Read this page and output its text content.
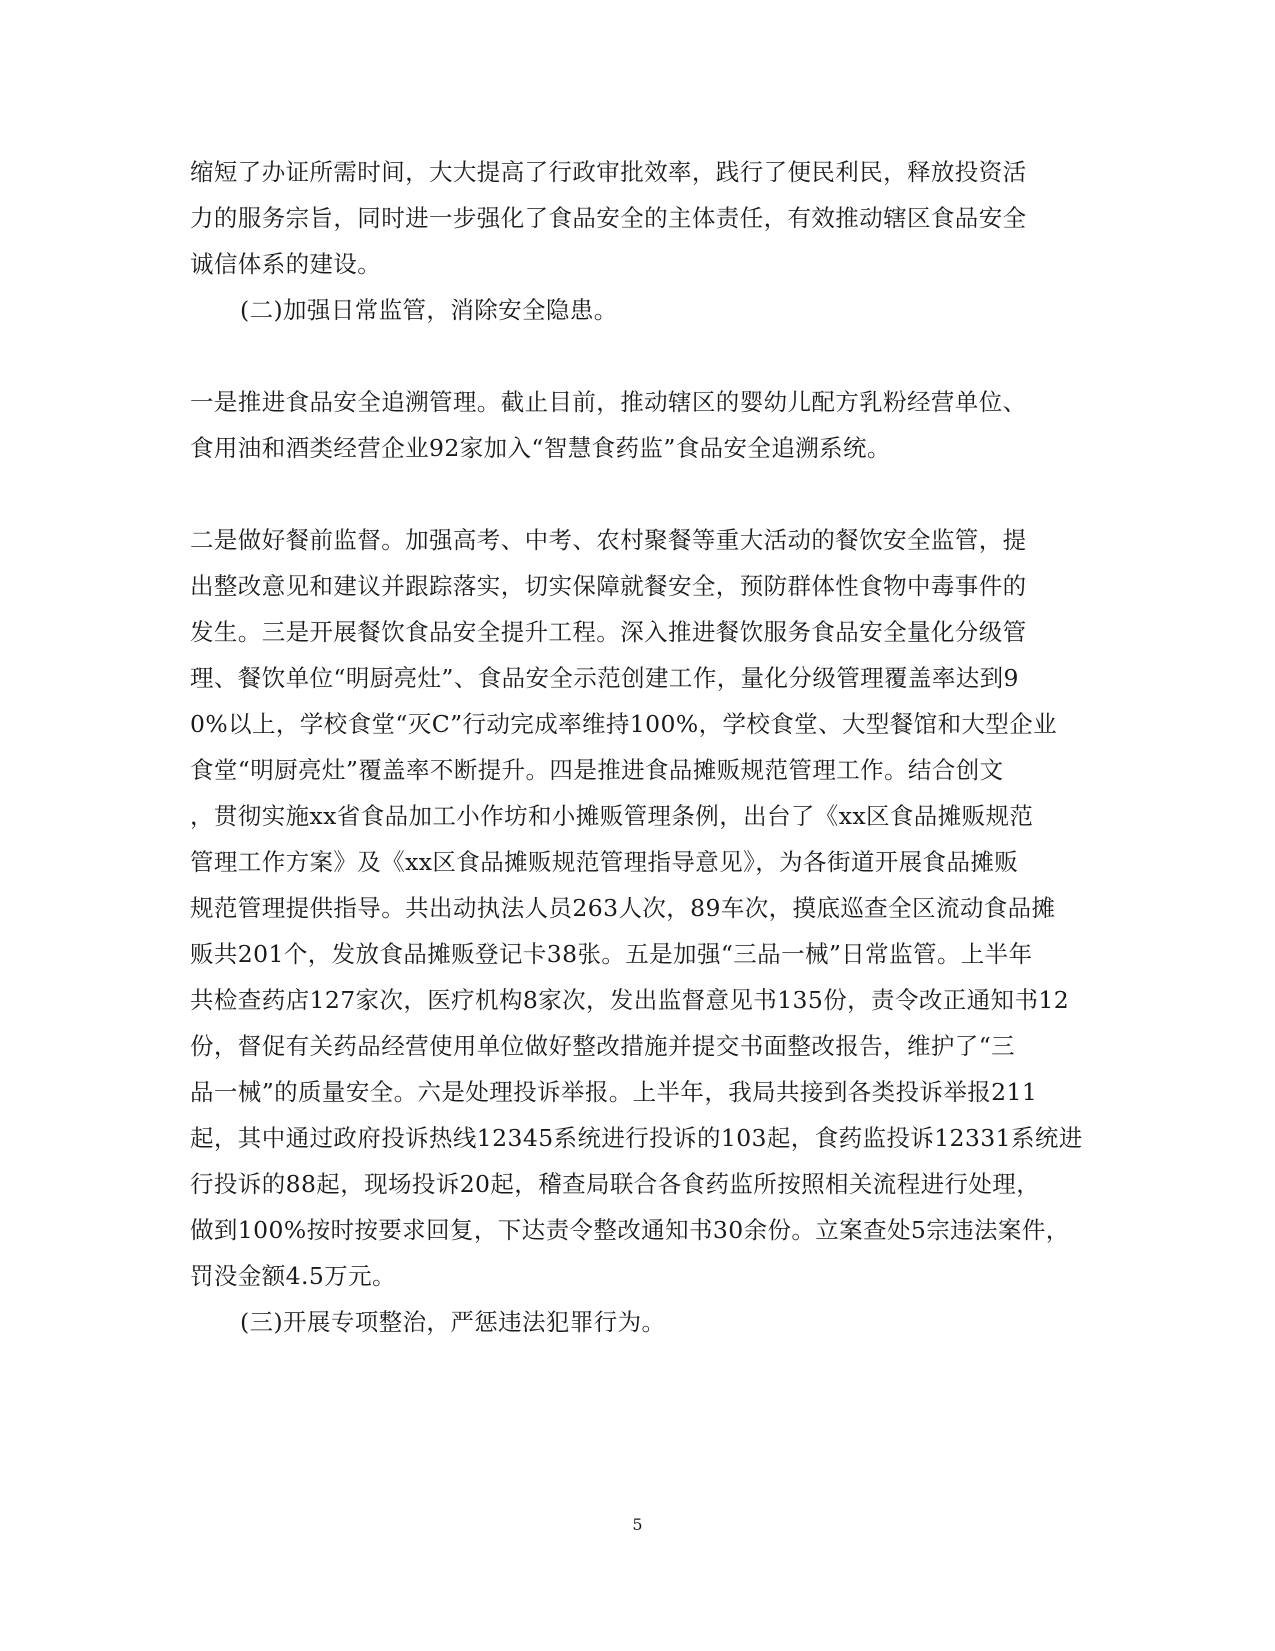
缩短了办证所需时间，大大提高了行政审批效率，践行了便民利民，释放投资活
力的服务宗旨，同时进一步强化了食品安全的主体责任，有效推动辖区食品安全
诚信体系的建设。
(二)加强日常监管，消除安全隐患。
一是推进食品安全追溯管理。截止目前，推动辖区的婴幼儿配方乳粉经营单位、
食用油和酒类经营企业92家加入“智慧食药监”食品安全追溯系统。
二是做好餐前监督。加强高考、中考、农村聚餐等重大活动的餐饮安全监管，提
出整改意见和建议并跟踪落实，切实保障就餐安全，预防群体性食物中毒事件的
发生。三是开展餐饮食品安全提升工程。深入推进餐饮服务食品安全量化分级管
理、餐饮单位“明厨亮灶”、食品安全示范创建工作，量化分级管理覆盖率达到9
0%以上，学校食堂“灭C”行动完成率维持100%，学校食堂、大型餐馆和大型企业
食堂“明厨亮灶”覆盖率不断提升。四是推进食品摊贩规范管理工作。结合创文
，贯彻实施xx省食品加工小作坊和小摊贩管理条例，出台了《xx区食品摊贩规范
管理工作方案》及《xx区食品摊贩规范管理指导意见》，为各街道开展食品摊贩
规范管理提供指导。共出动执法人员263人次，89车次，摸底巡查全区流动食品摊
贩共201个，发放食品摊贩登记卡38张。五是加强“三品一械”日常监管。上半年
共检查药店127家次，医疗机构8家次，发出监督意见书135份，责令改正通知书12
份，督促有关药品经营使用单位做好整改措施并提交书面整改报告，维护了“三
品一械”的质量安全。六是处理投诉举报。上半年，我局共接到各类投诉举报211
起，其中通过政府投诉热线12345系统进行投诉的103起，食药监投诉12331系统进
行投诉的88起，现场投诉20起，稽查局联合各食药监所按照相关流程进行处理，
做到100%按时按要求回复，下达责令整改通知书30余份。立案查处5宗违法案件，
罚没金额4.5万元。
(三)开展专项整治，严惩违法犯罪行为。
5
